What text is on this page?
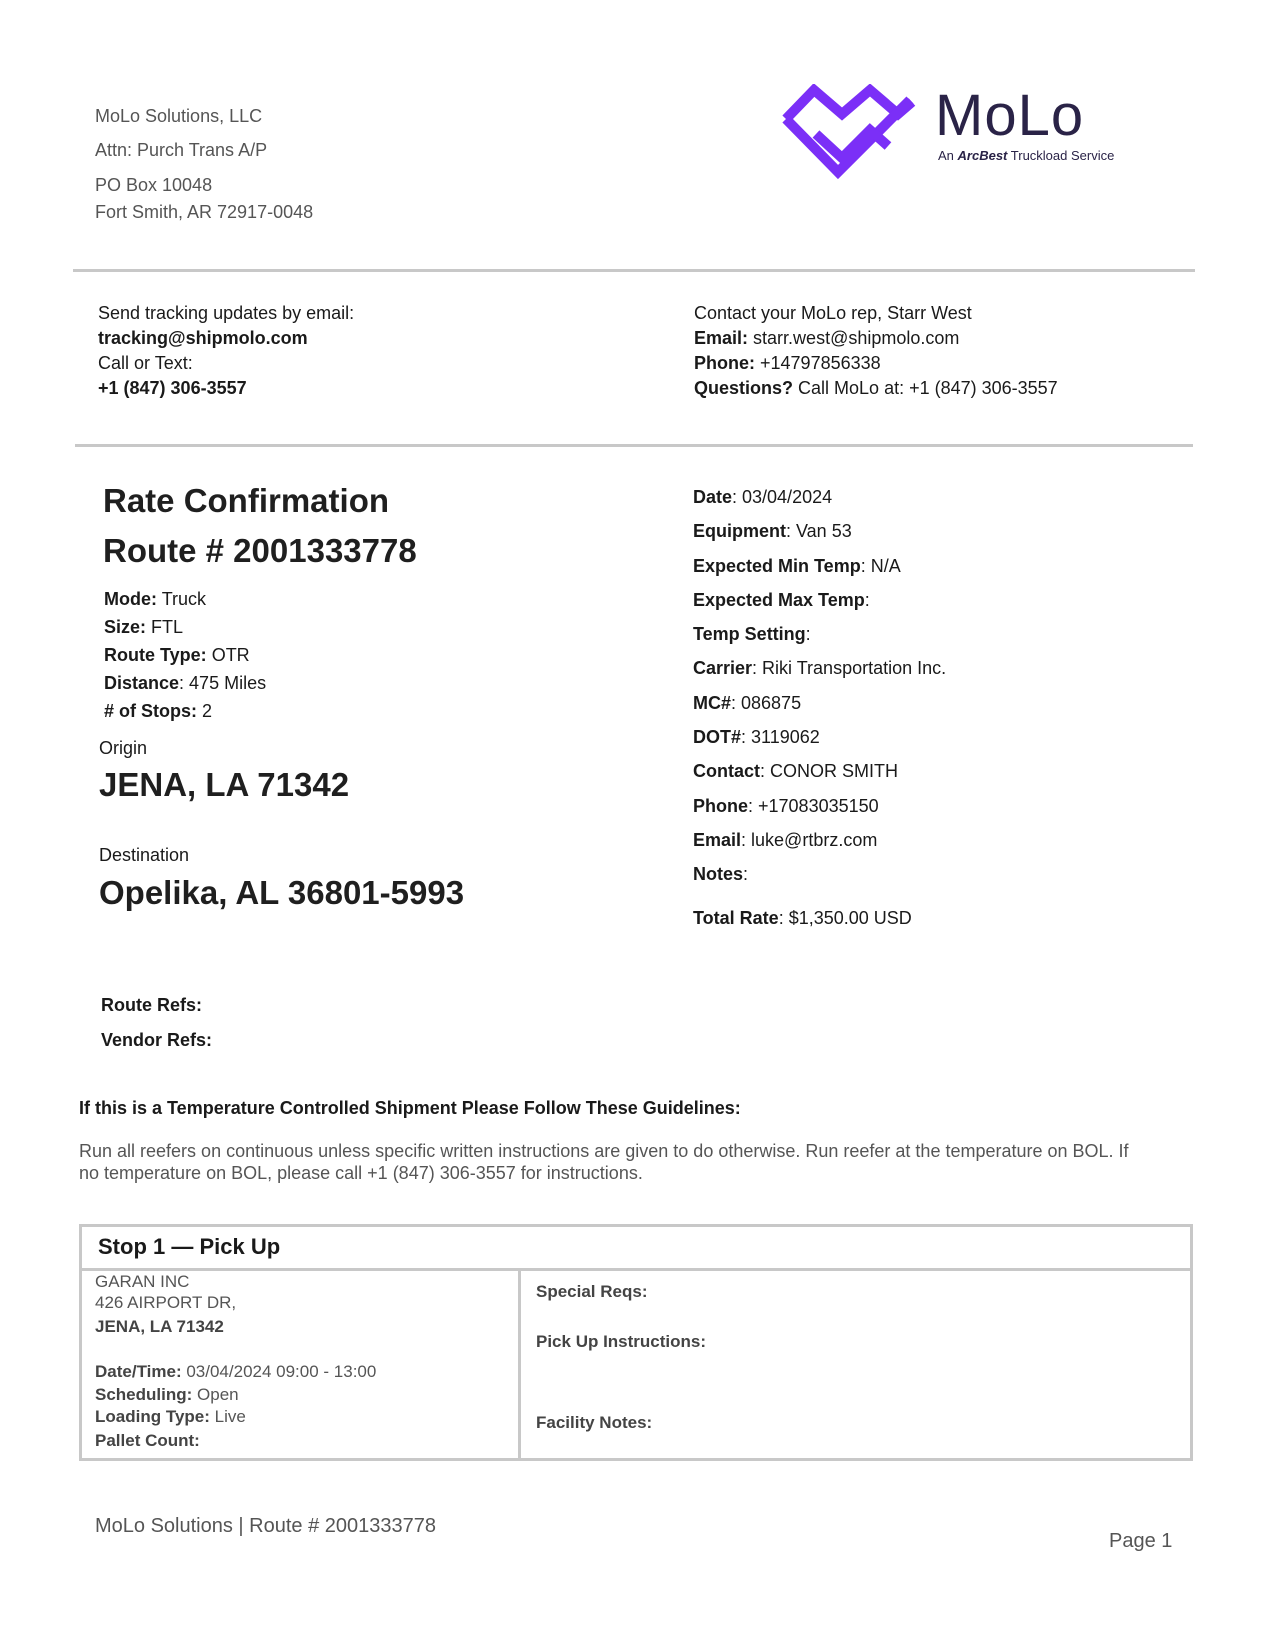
MoLo Solutions, LLC
Attn: Purch Trans A/P
PO Box 10048
Fort Smith, AR 72917-0048
MoLo
An ArcBest Truckload Service
Send tracking updates by email:
tracking@shipmolo.com
Call or Text:
+1 (847) 306-3557
Contact your MoLo rep, Starr West
Email: starr.west@shipmolo.com
Phone: +14797856338
Questions? Call MoLo at: +1 (847) 306-3557
Rate Confirmation
Route # 2001333778
Mode: Truck
Size: FTL
Route Type: OTR
Distance: 475 Miles
# of Stops: 2
Origin
JENA, LA 71342
Destination
Opelika, AL 36801-5993
Date: 03/04/2024
Equipment: Van 53
Expected Min Temp: N/A
Expected Max Temp:
Temp Setting:
Carrier: Riki Transportation Inc.
MC#: 086875
DOT#: 3119062
Contact: CONOR SMITH
Phone: +17083035150
Email: luke@rtbrz.com
Notes:
Total Rate: $1,350.00 USD
Route Refs:
Vendor Refs:
If this is a Temperature Controlled Shipment Please Follow These Guidelines:
Run all reefers on continuous unless specific written instructions are given to do otherwise. Run reefer at the temperature on BOL. If
no temperature on BOL, please call +1 (847) 306-3557 for instructions.
Stop 1 — Pick Up
GARAN INC
426 AIRPORT DR,
JENA, LA 71342
Date/Time: 03/04/2024 09:00 - 13:00
Scheduling: Open
Loading Type: Live
Pallet Count:
Special Reqs:
Pick Up Instructions:
Facility Notes:
MoLo Solutions | Route # 2001333778
Page 1
